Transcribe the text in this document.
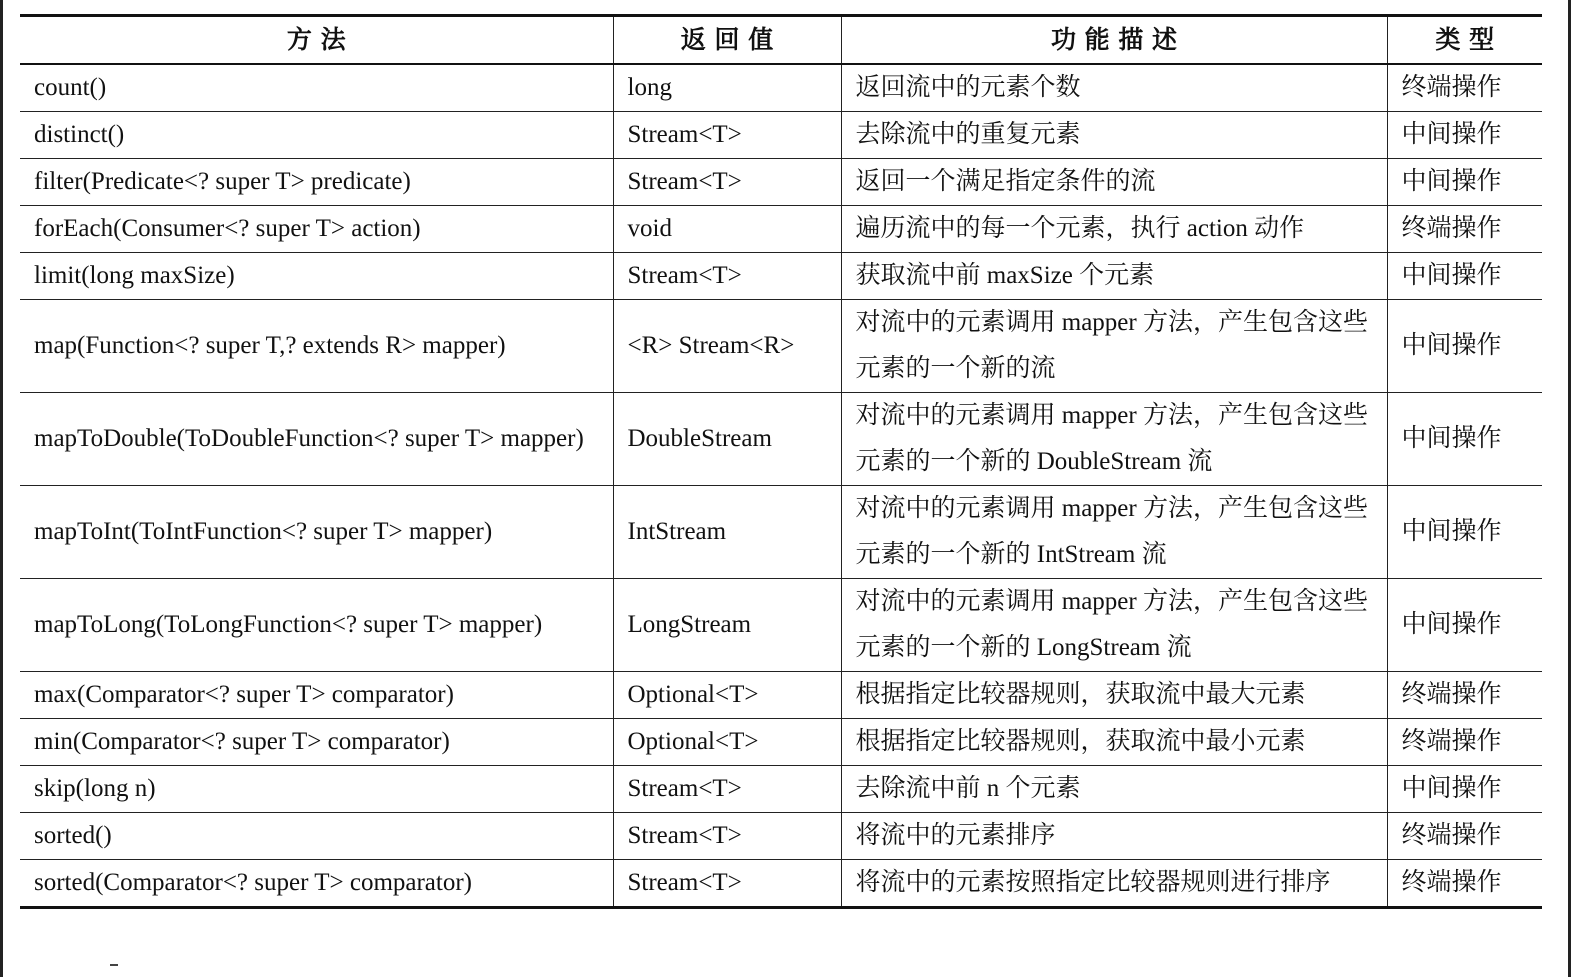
方 法	返 回 值	功 能 描 述	类 型
count()	long	返回流中的元素个数	终端操作
distinct()	Stream<T>	去除流中的重复元素	中间操作
filter(Predicate<? super T> predicate)	Stream<T>	返回一个满足指定条件的流	中间操作
forEach(Consumer<? super T> action)	void	遍历流中的每一个元素，执行 action 动作	终端操作
limit(long maxSize)	Stream<T>	获取流中前 maxSize 个元素	中间操作
map(Function<? super T,? extends R> mapper)	<R> Stream<R>	对流中的元素调用 mapper 方法，产生包含这些元素的一个新的流	中间操作
mapToDouble(ToDoubleFunction<? super T> mapper)	DoubleStream	对流中的元素调用 mapper 方法，产生包含这些元素的一个新的 DoubleStream 流	中间操作
mapToInt(ToIntFunction<? super T> mapper)	IntStream	对流中的元素调用 mapper 方法，产生包含这些元素的一个新的 IntStream 流	中间操作
mapToLong(ToLongFunction<? super T> mapper)	LongStream	对流中的元素调用 mapper 方法，产生包含这些元素的一个新的 LongStream 流	中间操作
max(Comparator<? super T> comparator)	Optional<T>	根据指定比较器规则，获取流中最大元素	终端操作
min(Comparator<? super T> comparator)	Optional<T>	根据指定比较器规则，获取流中最小元素	终端操作
skip(long n)	Stream<T>	去除流中前 n 个元素	中间操作
sorted()	Stream<T>	将流中的元素排序	终端操作
sorted(Comparator<? super T> comparator)	Stream<T>	将流中的元素按照指定比较器规则进行排序	终端操作
